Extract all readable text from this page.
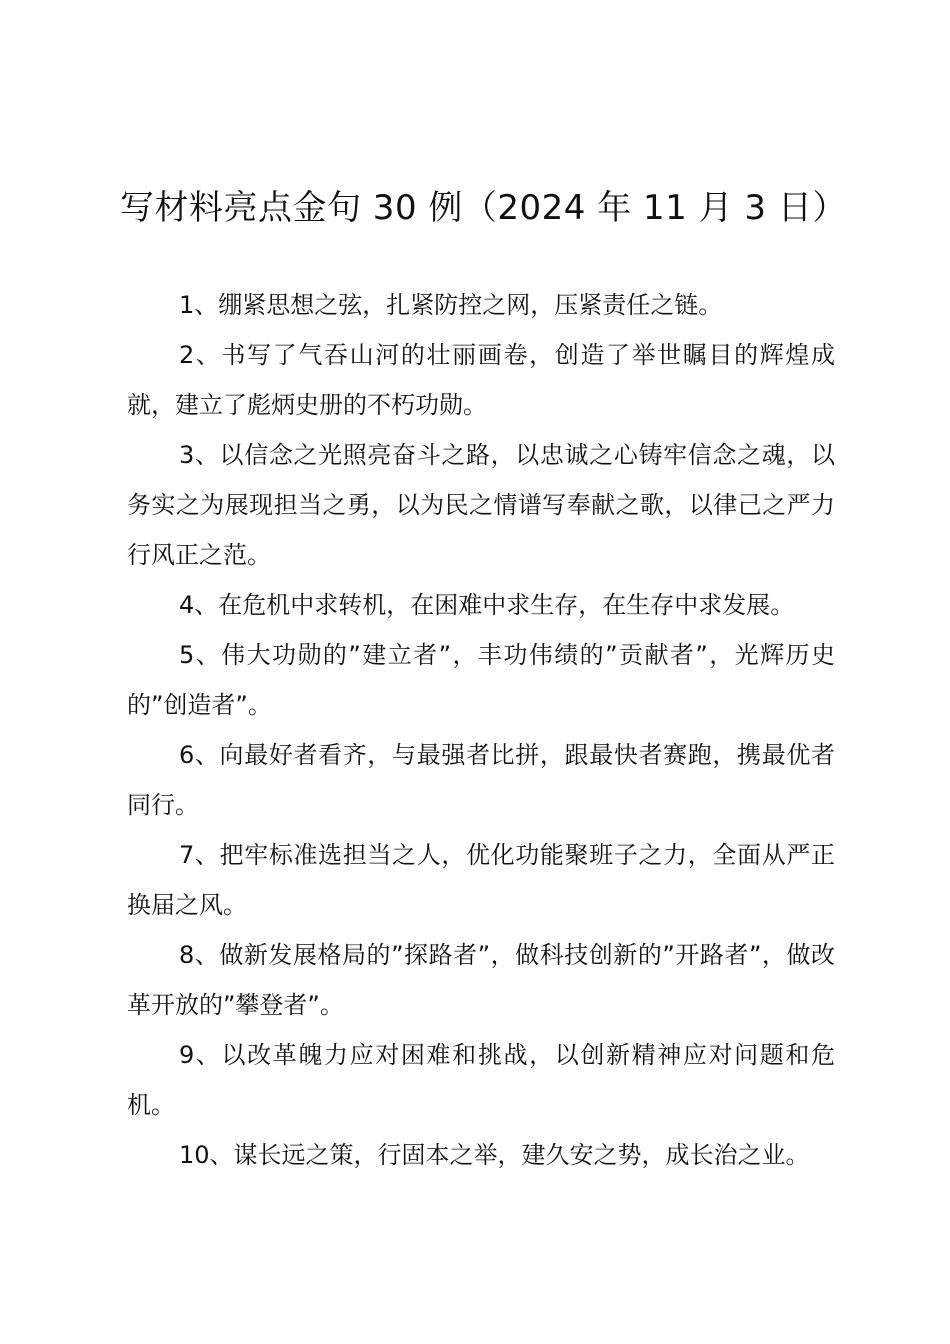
写材料亮点金句 30 例（2024 年 11 月 3 日）

1、绷紧思想之弦，扎紧防控之网，压紧责任之链。

2、书写了气吞山河的壮丽画卷，创造了举世瞩目的辉煌成就，建立了彪炳史册的不朽功勋。

3、以信念之光照亮奋斗之路，以忠诚之心铸牢信念之魂，以务实之为展现担当之勇，以为民之情谱写奉献之歌，以律己之严力行风正之范。

4、在危机中求转机，在困难中求生存，在生存中求发展。

5、伟大功勋的”建立者”，丰功伟绩的”贡献者”，光辉历史的”创造者”。

6、向最好者看齐，与最强者比拼，跟最快者赛跑，携最优者同行。

7、把牢标准选担当之人，优化功能聚班子之力，全面从严正换届之风。

8、做新发展格局的”探路者”，做科技创新的”开路者”，做改革开放的”攀登者”。

9、以改革魄力应对困难和挑战，以创新精神应对问题和危机。

10、谋长远之策，行固本之举，建久安之势，成长治之业。
